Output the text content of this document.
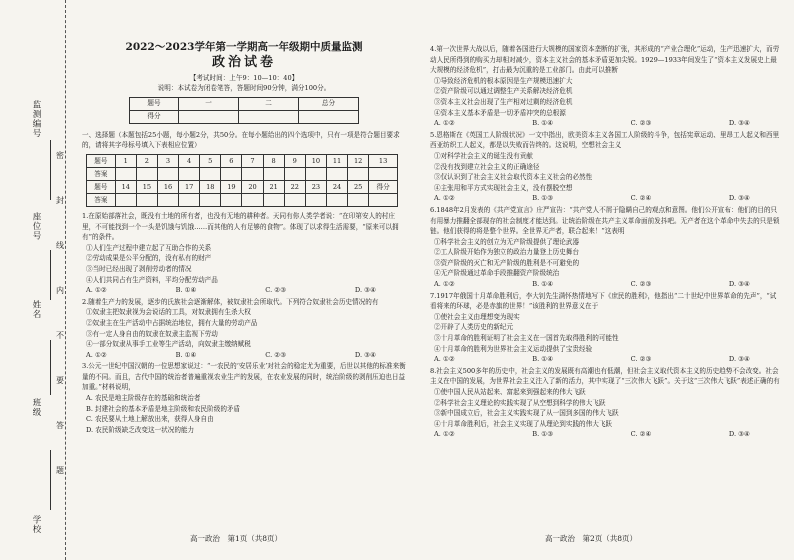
监测编号
座位号
姓名
班级
学校
密
封
线
内
不
要
答
题
2022～2023学年第一学期高一年级期中质量监测
政治试卷
【考试时间：上午9：10—10：40】
说明：本试卷为闭卷笔答，答题时间90分钟，满分100分。
题号	一	二	总分
得分			
一、选择题（本题包括25小题，每小题2分，共50分。在每小题给出的四个选项中，只有一项是符合题目要求的，请将其字母标号填入下表相应位置）
题号	1	2	3	4	5	6	7	8	9	10	11	12	13
答案													
题号	14	15	16	17	18	19	20	21	22	23	24	25	得分
答案													
1.在原始部落社会，既没有土地的所有者，也没有无地的耕种者。天同有你人类学者说：“在印第安人的村庄里，不可能找到一个一头是饥饿与饥饿……而其他的人有足够的食物”。体现了以求得生活需要，“原来可以拥有”的条件。
①人们生产过程中建立起了互助合作的关系
②劳动成果是公平分配的，没有私有的财产
③当时已经出现了剥削劳动者的情况
④人们共同占有生产资料，平均分配劳动产品
A. ①②	B. ①④	C. ②③	D. ③④
2.随着生产力的发展，逐步的氏族社会逐渐解体，被奴隶社会所取代。下列符合奴隶社会历史情况的有
①奴隶主把奴隶视为会说话的工具，对奴隶拥有生杀大权
②奴隶主在生产活动中占据统治地位，拥有大量的劳动产品
③有一定人身自由的奴隶在奴隶主监视下劳动
④一部分奴隶从事手工业等生产活动，向奴隶主缴纳赋税
A. ①②	B. ①④	C. ②③	D. ③④
3.公元一世纪中国汉朝的一位思想家说过：“一农民的‘安居乐业’对社会的稳定尤为重要，后世以其他的标准来衡量的不同。而且，古代中国的统治者普遍重视农业生产的发展，在农业发展的同时，统治阶级的剥削压迫也日益加重。”材料说明，
A. 农民是地主阶级存在的基础和统治者
B. 封建社会的基本矛盾是地主阶级和农民阶级的矛盾
C. 农民要从土地上解放出来，获得人身自由
D. 农民阶级缺乏改变这一状况的能力
4.第一次世界大战以后，随着各国进行大规模的国家资本垄断的扩张，其形成的“产业合理化”运动，生产迅速扩大，而劳动人民所得到的购买力却相对减少，资本主义社会的基本矛盾更加尖锐。1929—1933年间发生了“资本主义发展史上最大规模的经济危机”，打击最为沉重的是工业部门。由此可以推断
①导致经济危机的根本原因是生产规模迅速扩大
②资产阶级可以通过调整生产关系解决经济危机
③资本主义社会出现了生产相对过剩的经济危机
④资本主义基本矛盾是一切矛盾冲突的总根源
A. ①②	B. ①④	C. ②③	D. ③④
5.恩格斯在《英国工人阶级状况》一文中指出，欧美资本主义各国工人阶级的斗争，包括宪章运动、里昂工人起义和西里西亚纺织工人起义，都是以失败而告终的。这说明，空想社会主义
①对科学社会主义的诞生没有贡献
②没有找到建立社会主义的正确途径
③仅认识到了社会主义社会取代资本主义社会的必然性
④主张用和平方式实现社会主义，没有摆脱空想
A. ①②	B. ①③	C. ②④	D. ③④
6.1848年2月发表的《共产党宣言》庄严宣告：“共产党人不屑于隐瞒自己的观点和意图。他们公开宣布：他们的目的只有用暴力推翻全部现存的社会制度才能达到。让统治阶级在共产主义革命面前发抖吧。无产者在这个革命中失去的只是锁链。他们获得的将是整个世界。全世界无产者，联合起来！”这表明
①科学社会主义的创立为无产阶级提供了理论武器
②工人阶级开始作为独立的政治力量登上历史舞台
③资产阶级的灭亡和无产阶级的胜利是不可避免的
④无产阶级通过革命手段推翻资产阶级统治
A. ①②	B. ①④	C. ②③	D. ③④
7.1917年俄国十月革命胜利后，李大钊先生满怀热情地写下《庶民的胜利》，他指出“二十世纪中世界革命的先声”，“试看将来的环球，必是赤旗的世界！”该胜利的世界意义在于
①使社会主义由理想变为现实
②开辟了人类历史的新纪元
③十月革命的胜利证明了社会主义在一国首先取得胜利的可能性
④十月革命的胜利为世界社会主义运动提供了宝贵经验
A. ①②	B. ①④	C. ②③	D. ③④
8.社会主义500多年的历史中，社会主义的发展既有高潮也有低潮，但社会主义取代资本主义的历史趋势不会改变。社会主义在中国的发展，为世界社会主义注入了新的活力，其中实现了“三次伟大飞跃”。关于这“三次伟大飞跃”表述正确的有
①使中国人民从站起来、富起来到强起来的伟大飞跃
②科学社会主义理论的实践实现了从空想到科学的伟大飞跃
③新中国成立后，社会主义实践实现了从一国到多国的伟大飞跃
④十月革命胜利后，社会主义实现了从理论到实践的伟大飞跃
A. ①②	B. ①③	C. ②④	D. ③④
高一政治　第1页（共8页）	高一政治　第2页（共8页）
